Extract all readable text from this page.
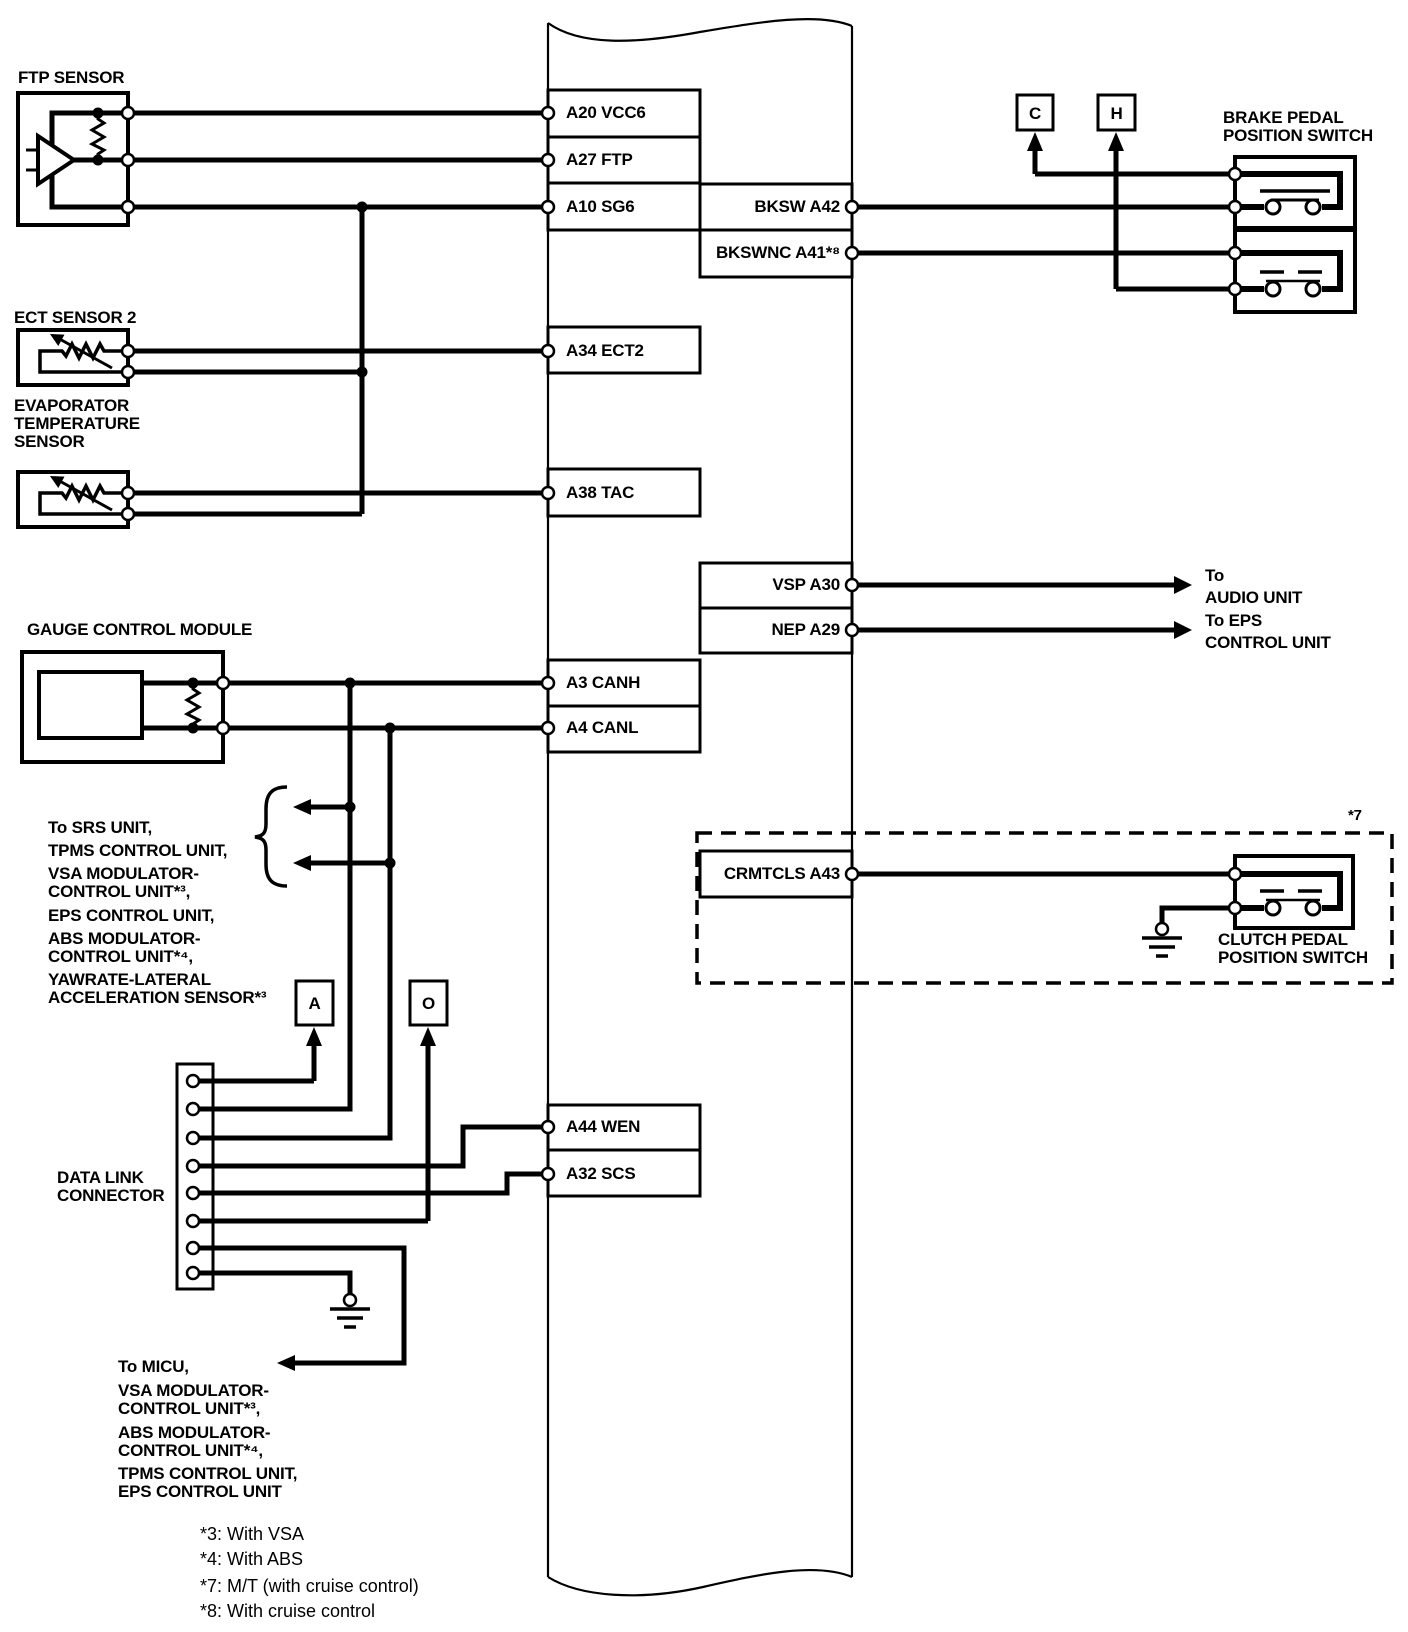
FTP SENSOR
ECT SENSOR 2
EVAPORATOR
TEMPERATURE
SENSOR
GAUGE CONTROL MODULE
DATA LINK
CONNECTOR
A20 VCC6
A27 FTP
A10 SG6
A34 ECT2
A38 TAC
A3 CANH
A4 CANL
A44 WEN
A32 SCS
BKSW A42
BKSWNC A41*⁸
VSP A30
NEP A29
CRMTCLS A43
C	H
A	O
BRAKE PEDAL
POSITION SWITCH
CLUTCH PEDAL
POSITION SWITCH
*7
To
AUDIO UNIT
To EPS
CONTROL UNIT
To SRS UNIT,
TPMS CONTROL UNIT,
VSA MODULATOR-
CONTROL UNIT*³,
EPS CONTROL UNIT,
ABS MODULATOR-
CONTROL UNIT*⁴,
YAWRATE-LATERAL
ACCELERATION SENSOR*³
To MICU,
VSA MODULATOR-
CONTROL UNIT*³,
ABS MODULATOR-
CONTROL UNIT*⁴,
TPMS CONTROL UNIT,
EPS CONTROL UNIT
*3: With VSA
*4: With ABS
*7: M/T (with cruise control)
*8: With cruise control
